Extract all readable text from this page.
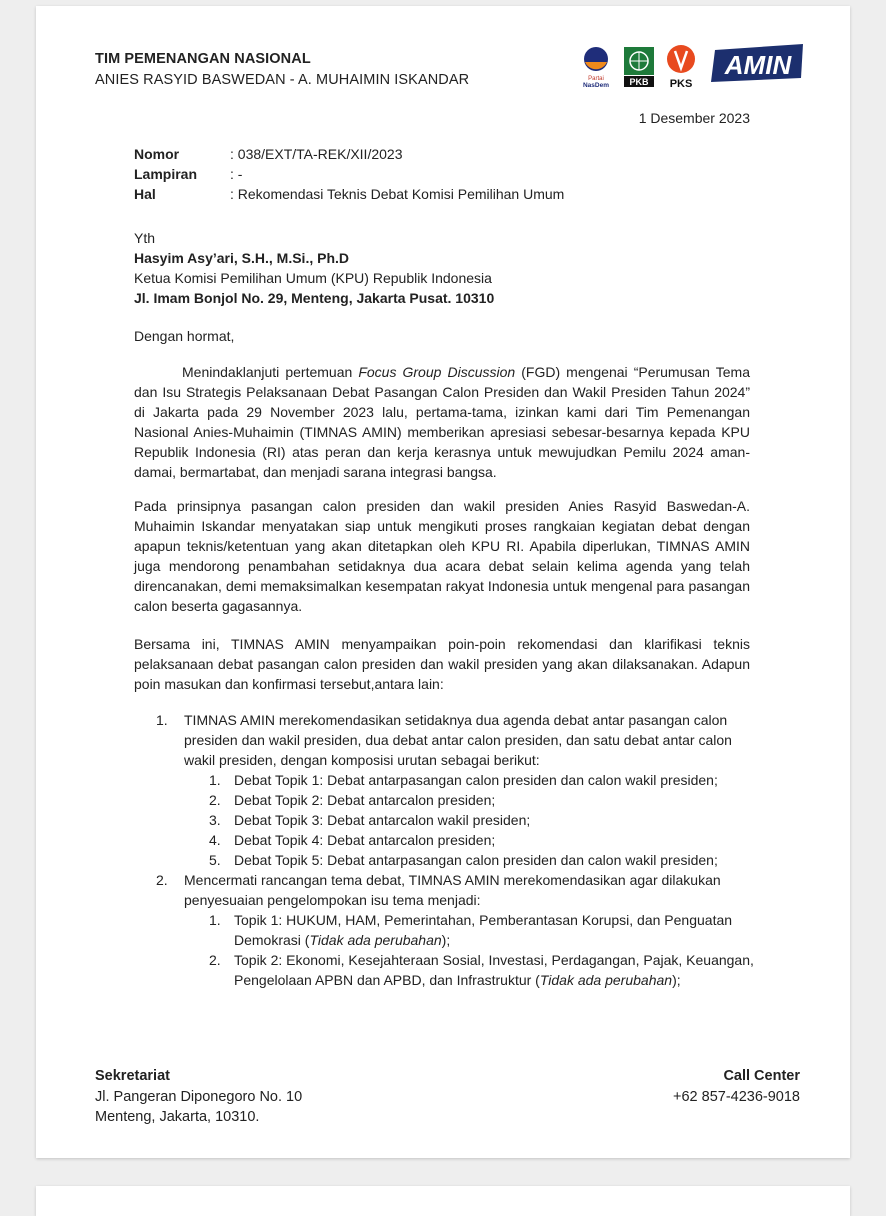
TIM PEMENANGAN NASIONAL
ANIES RASYID BASWEDAN - A. MUHAIMIN ISKANDAR	Partai
NasDem PKB PKS
AMIN
1 Desember 2023
Nomor	: 038/EXT/TA-REK/XII/2023
Lampiran	: -
Hal	: Rekomendasi Teknis Debat Komisi Pemilihan Umum
Yth
Hasyim Asy’ari, S.H., M.Si., Ph.D
Ketua Komisi Pemilihan Umum (KPU) Republik Indonesia
Jl. Imam Bonjol No. 29, Menteng, Jakarta Pusat. 10310
Dengan hormat,
Menindaklanjuti pertemuan Focus Group Discussion (FGD) mengenai “Perumusan Tema dan Isu Strategis Pelaksanaan Debat Pasangan Calon Presiden dan Wakil Presiden Tahun 2024” di Jakarta pada 29 November 2023 lalu, pertama-tama, izinkan kami dari Tim Pemenangan Nasional Anies-Muhaimin (TIMNAS AMIN) memberikan apresiasi sebesar-besarnya kepada KPU Republik Indonesia (RI) atas peran dan kerja kerasnya untuk mewujudkan Pemilu 2024 aman-damai, bermartabat, dan menjadi sarana integrasi bangsa.
Pada prinsipnya pasangan calon presiden dan wakil presiden Anies Rasyid Baswedan-A. Muhaimin Iskandar menyatakan siap untuk mengikuti proses rangkaian kegiatan debat dengan apapun teknis/ketentuan yang akan ditetapkan oleh KPU RI. Apabila diperlukan, TIMNAS AMIN juga mendorong penambahan setidaknya dua acara debat selain kelima agenda yang telah direncanakan, demi memaksimalkan kesempatan rakyat Indonesia untuk mengenal para pasangan calon beserta gagasannya.
Bersama ini, TIMNAS AMIN menyampaikan poin-poin rekomendasi dan klarifikasi teknis pelaksanaan debat pasangan calon presiden dan wakil presiden yang akan dilaksanakan. Adapun poin masukan dan konfirmasi tersebut,antara lain:
1. TIMNAS AMIN merekomendasikan setidaknya dua agenda debat antar pasangan calon presiden dan wakil presiden, dua debat antar calon presiden, dan satu debat antar calon wakil presiden, dengan komposisi urutan sebagai berikut:
1. Debat Topik 1: Debat antarpasangan calon presiden dan calon wakil presiden;
2. Debat Topik 2: Debat antarcalon presiden;
3. Debat Topik 3: Debat antarcalon wakil presiden;
4. Debat Topik 4: Debat antarcalon presiden;
5. Debat Topik 5: Debat antarpasangan calon presiden dan calon wakil presiden;
2. Mencermati rancangan tema debat, TIMNAS AMIN merekomendasikan agar dilakukan penyesuaian pengelompokan isu tema menjadi:
1. Topik 1: HUKUM, HAM, Pemerintahan, Pemberantasan Korupsi, dan Penguatan Demokrasi (Tidak ada perubahan);
2. Topik 2: Ekonomi, Kesejahteraan Sosial, Investasi, Perdagangan, Pajak, Keuangan, Pengelolaan APBN dan APBD, dan Infrastruktur (Tidak ada perubahan);
Sekretariat
Jl. Pangeran Diponegoro No. 10
Menteng, Jakarta, 10310.
Call Center
+62 857-4236-9018
